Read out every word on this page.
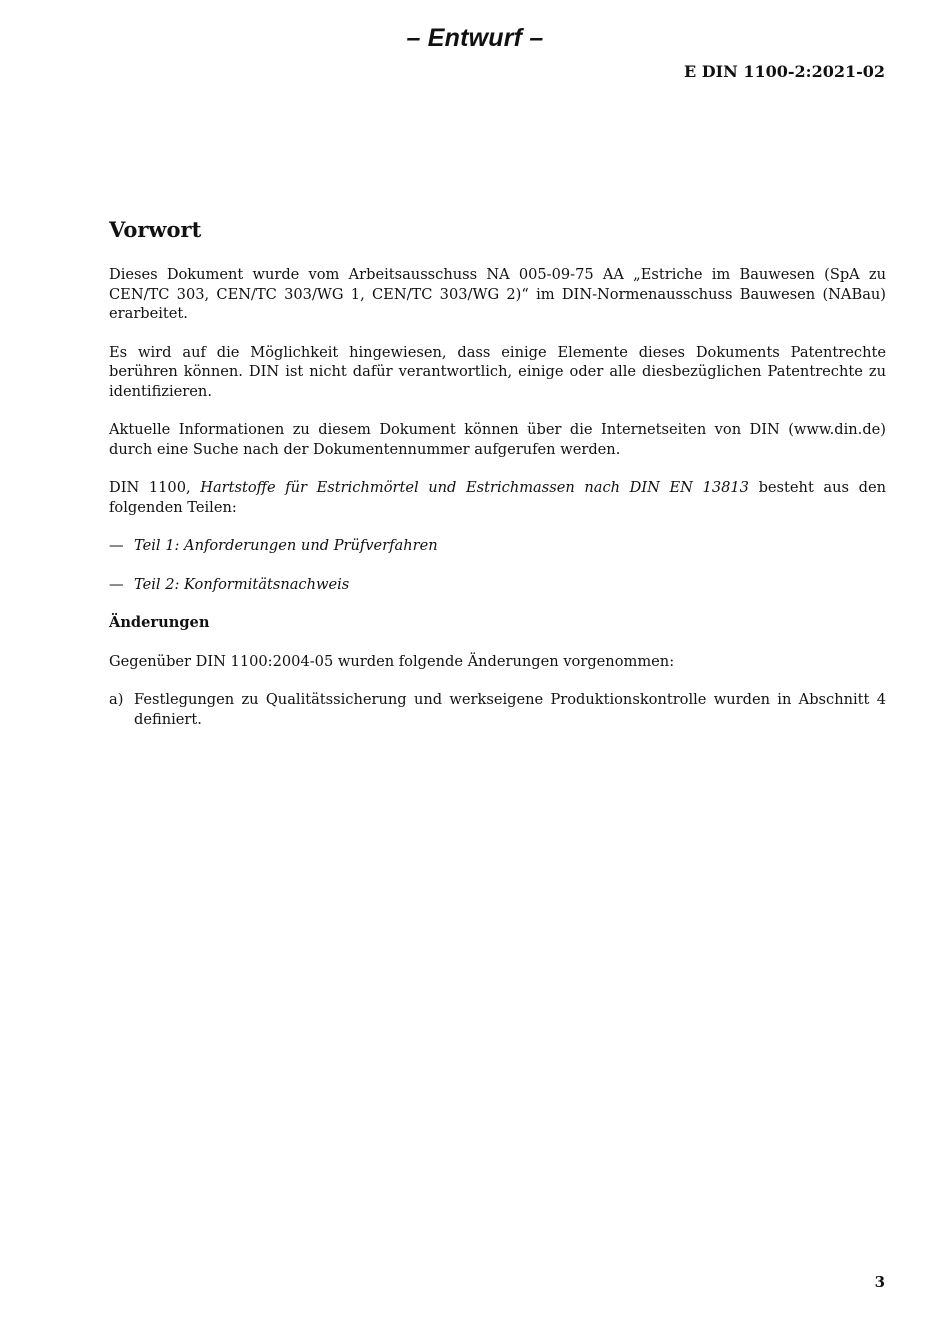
– Entwurf –
E DIN 1100-2:2021-02
Vorwort

Dieses Dokument wurde vom Arbeitsausschuss NA 005-09-75 AA „Estriche im Bauwesen (SpA zu CEN/TC 303, CEN/TC 303/WG 1, CEN/TC 303/WG 2)“ im DIN-Normenausschuss Bauwesen (NABau) erarbeitet.

Es wird auf die Möglichkeit hingewiesen, dass einige Elemente dieses Dokuments Patentrechte berühren können. DIN ist nicht dafür verantwortlich, einige oder alle diesbezüglichen Patentrechte zu identifizieren.

Aktuelle Informationen zu diesem Dokument können über die Internetseiten von DIN (www.din.de) durch eine Suche nach der Dokumentennummer aufgerufen werden.

DIN 1100, Hartstoffe für Estrichmörtel und Estrichmassen nach DIN EN 13813 besteht aus den folgenden Teilen:

— Teil 1: Anforderungen und Prüfverfahren
— Teil 2: Konformitätsnachweis
Änderungen

Gegenüber DIN 1100:2004-05 wurden folgende Änderungen vorgenommen:

a) Festlegungen zu Qualitätssicherung und werkseigene Produktionskontrolle wurden in Abschnitt 4 definiert.
3
